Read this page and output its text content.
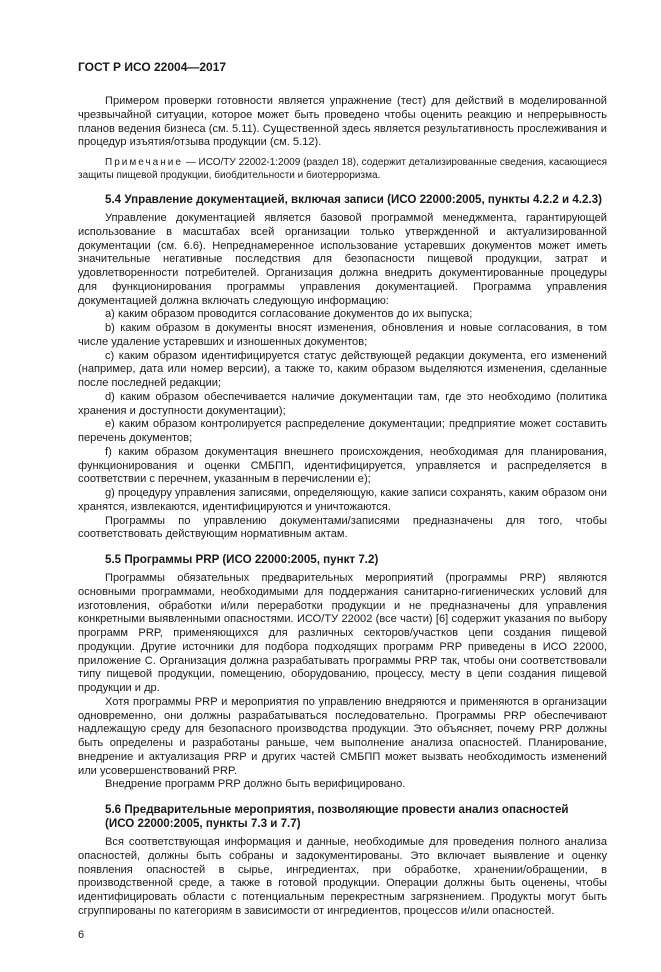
ГОСТ Р ИСО 22004—2017

Примером проверки готовности является упражнение (тест) для действий в моделированной чрезвычайной ситуации, которое может быть проведено чтобы оценить реакцию и непрерывность планов ведения бизнеса (см. 5.11). Существенной здесь является результативность прослеживания и процедур изъятия/отзыва продукции (см. 5.12).

Примечание — ИСО/ТУ 22002-1:2009 (раздел 18), содержит детализированные сведения, касающиеся защиты пищевой продукции, биобдительности и биотерроризма.

5.4 Управление документацией, включая записи (ИСО 22000:2005, пункты 4.2.2 и 4.2.3)

Управление документацией является базовой программой менеджмента, гарантирующей использование в масштабах всей организации только утвержденной и актуализированной документации (см. 6.6). Непреднамеренное использование устаревших документов может иметь значительные негативные последствия для безопасности пищевой продукции, затрат и удовлетворенности потребителей. Организация должна внедрить документированные процедуры для функционирования программы управления документацией. Программа управления документацией должна включать следующую информацию:

a) каким образом проводится согласование документов до их выпуска;

b) каким образом в документы вносят изменения, обновления и новые согласования, в том числе удаление устаревших и изношенных документов;

c) каким образом идентифицируется статус действующей редакции документа, его изменений (например, дата или номер версии), а также то, каким образом выделяются изменения, сделанные после последней редакции;

d) каким образом обеспечивается наличие документации там, где это необходимо (политика хранения и доступности документации);

e) каким образом контролируется распределение документации; предприятие может составить перечень документов;

f) каким образом документация внешнего происхождения, необходимая для планирования, функционирования и оценки СМБПП, идентифицируется, управляется и распределяется в соответствии с перечнем, указанным в перечислении e);

g) процедуру управления записями, определяющую, какие записи сохранять, каким образом они хранятся, извлекаются, идентифицируются и уничтожаются.

Программы по управлению документами/записями предназначены для того, чтобы соответствовать действующим нормативным актам.

5.5 Программы PRP (ИСО 22000:2005, пункт 7.2)

Программы обязательных предварительных мероприятий (программы PRP) являются основными программами, необходимыми для поддержания санитарно-гигиенических условий для изготовления, обработки и/или переработки продукции и не предназначены для управления конкретными выявленными опасностями. ИСО/ТУ 22002 (все части) [6] содержит указания по выбору программ PRP, применяющихся для различных секторов/участков цепи создания пищевой продукции. Другие источники для подбора подходящих программ PRP приведены в ИСО 22000, приложение C. Организация должна разрабатывать программы PRP так, чтобы они соответствовали типу пищевой продукции, помещению, оборудованию, процессу, месту в цепи создания пищевой продукции и др.

Хотя программы PRP и мероприятия по управлению внедряются и применяются в организации одновременно, они должны разрабатываться последовательно. Программы PRP обеспечивают надлежащую среду для безопасного производства продукции. Это объясняет, почему PRP должны быть определены и разработаны раньше, чем выполнение анализа опасностей. Планирование, внедрение и актуализация PRP и других частей СМБПП может вызвать необходимость изменений или усовершенствований PRP.

Внедрение программ PRP должно быть верифицировано.

5.6 Предварительные мероприятия, позволяющие провести анализ опасностей
(ИСО 22000:2005, пункты 7.3 и 7.7)

Вся соответствующая информация и данные, необходимые для проведения полного анализа опасностей, должны быть собраны и задокументированы. Это включает выявление и оценку появления опасностей в сырье, ингредиентах, при обработке, хранении/обращении, в производственной среде, а также в готовой продукции. Операции должны быть оценены, чтобы идентифицировать области с потенциальным перекрестным загрязнением. Продукты могут быть сгруппированы по категориям в зависимости от ингредиентов, процессов и/или опасностей.

6
